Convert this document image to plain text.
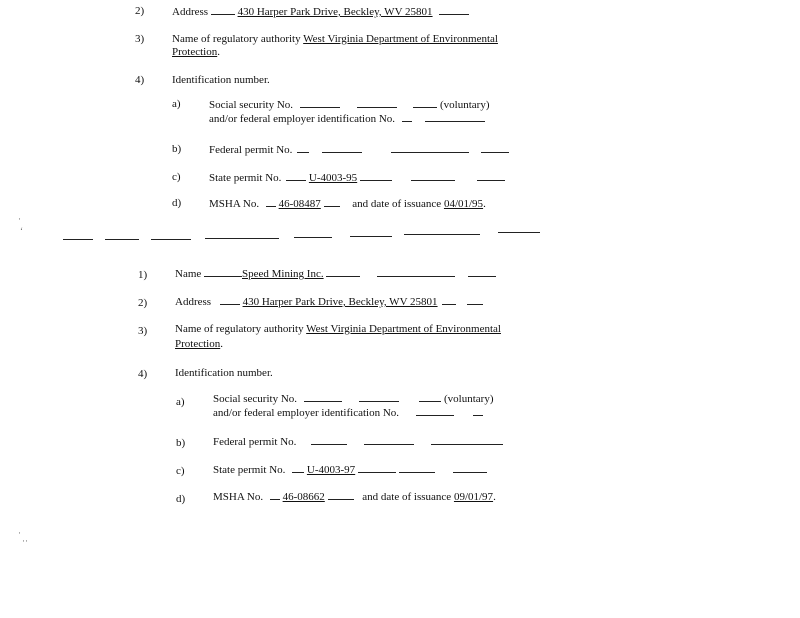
2)	Address	430 Harper Park Drive, Beckley, WV 25801
3)	Name of regulatory authority West Virginia Department of Environmental
Protection.
4)	Identification number.
a)	Social security No.	(voluntary)
and/or federal employer identification No.
b)	Federal permit No.
c)	State permit No.	U-4003-95
d)	MSHA No. 46-08487	and date of issuance 04/01/95.
·
‘
1)	Name	Speed Mining Inc.
2)	Address	430 Harper Park Drive, Beckley, WV 25801
3)	Name of regulatory authority West Virginia Department of Environmental
Protection.
4)	Identification number.
a)	Social security No.	(voluntary)
and/or federal employer identification No.
b)	Federal permit No.
c)	State permit No. U-4003-97
d)	MSHA No. 46-08662	and date of issuance 09/01/97.
·
··
